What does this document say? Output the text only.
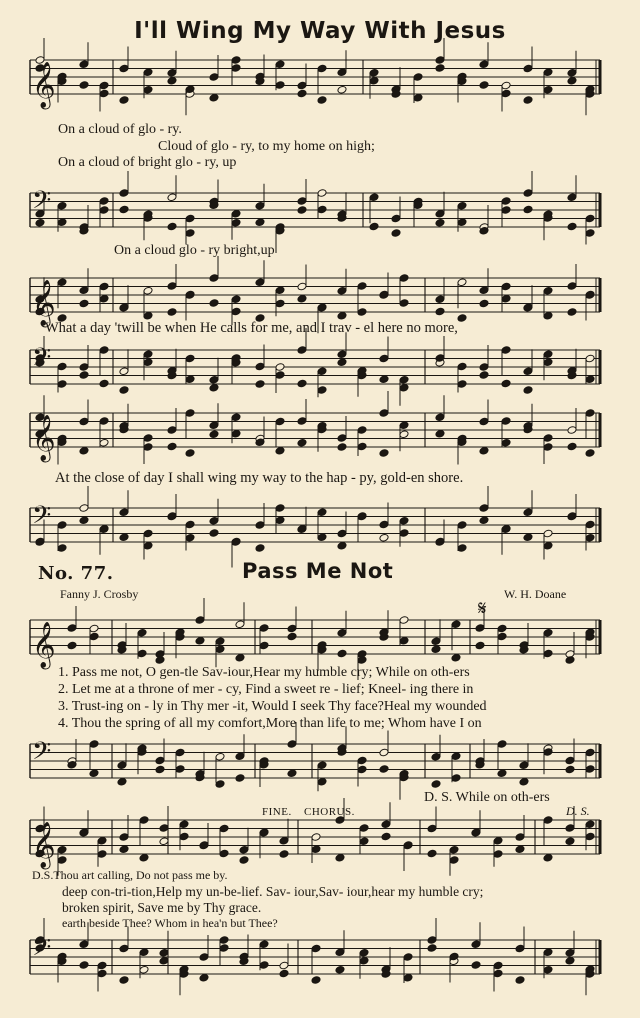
I'll Wing My Way With Jesus
𝄞
𝄢
𝄞
𝄢
𝄞
𝄢
𝄞
𝄢
𝄞
𝄢
On a cloud of glo - ry.
Cloud of glo - ry, to my home on high;
On a cloud of bright glo - ry, up
On a cloud glo - ry bright,up
What a day 'twill be when He calls for me, and I trav - el here no more,
At the close of day I shall wing my way to the hap - py, gold-en shore.
No. 77.	Pass Me Not
Fanny J. Crosby	W. H. Doane
𝄋
1. Pass me not, O gen-tle Sav-iour,Hear my humble cry; While on oth-ers
2. Let me at a throne of mer - cy, Find a sweet re - lief; Kneel- ing there in
3. Trust-ing on - ly in Thy mer -it, Would I seek Thy face?Heal my wounded
4. Thou the spring of all my comfort,More than life to me; Whom have I on
D. S. While on oth-ers
FINE. CHORUS.	D. S.
D.S.Thou art calling, Do not pass me by.
deep con-tri-tion,Help my un-be-lief. Sav- iour,Sav- iour,hear my humble cry;
broken spirit, Save me by Thy grace.
earth beside Thee? Whom in hea'n but Thee?
